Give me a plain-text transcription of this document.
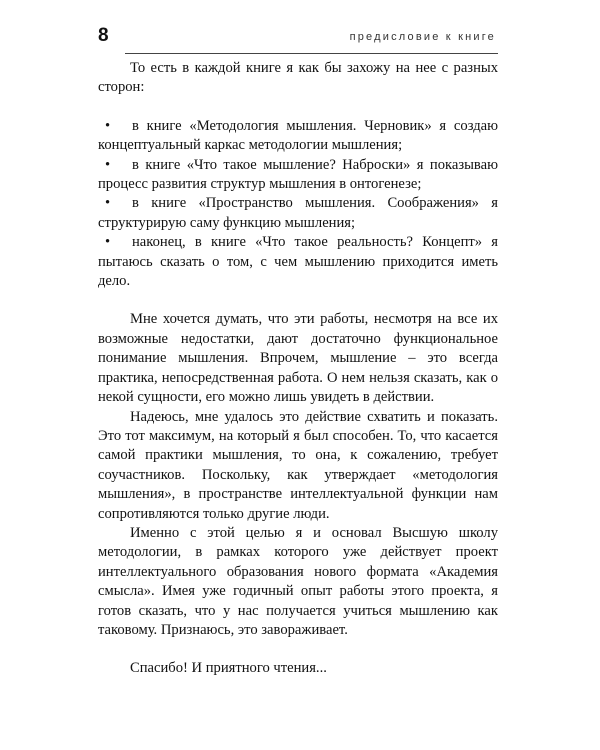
8	предисловие к книге

То есть в каждой книге я как бы захожу на нее с разных сторон:

• в книге «Методология мышления. Черновик» я создаю концептуальный каркас методологии мышления;
• в книге «Что такое мышление? Наброски» я показываю процесс развития структур мышления в онтогенезе;
• в книге «Пространство мышления. Соображения» я структурирую саму функцию мышления;
• наконец, в книге «Что такое реальность? Концепт» я пытаюсь сказать о том, с чем мышлению приходится иметь дело.

Мне хочется думать, что эти работы, несмотря на все их возможные недостатки, дают достаточно функциональное понимание мышления. Впрочем, мышление – это всегда практика, непосредственная работа. О нем нельзя сказать, как о некой сущности, его можно лишь увидеть в действии.

Надеюсь, мне удалось это действие схватить и показать. Это тот максимум, на который я был способен. То, что касается самой практики мышления, то она, к сожалению, требует соучастников. Поскольку, как утверждает «методология мышления», в пространстве интеллектуальной функции нам сопротивляются только другие люди.

Именно с этой целью я и основал Высшую школу методологии, в рамках которого уже действует проект интеллектуального образования нового формата «Академия смысла». Имея уже годичный опыт работы этого проекта, я готов сказать, что у нас получается учиться мышлению как таковому. Признаюсь, это завораживает.

Спасибо! И приятного чтения...
